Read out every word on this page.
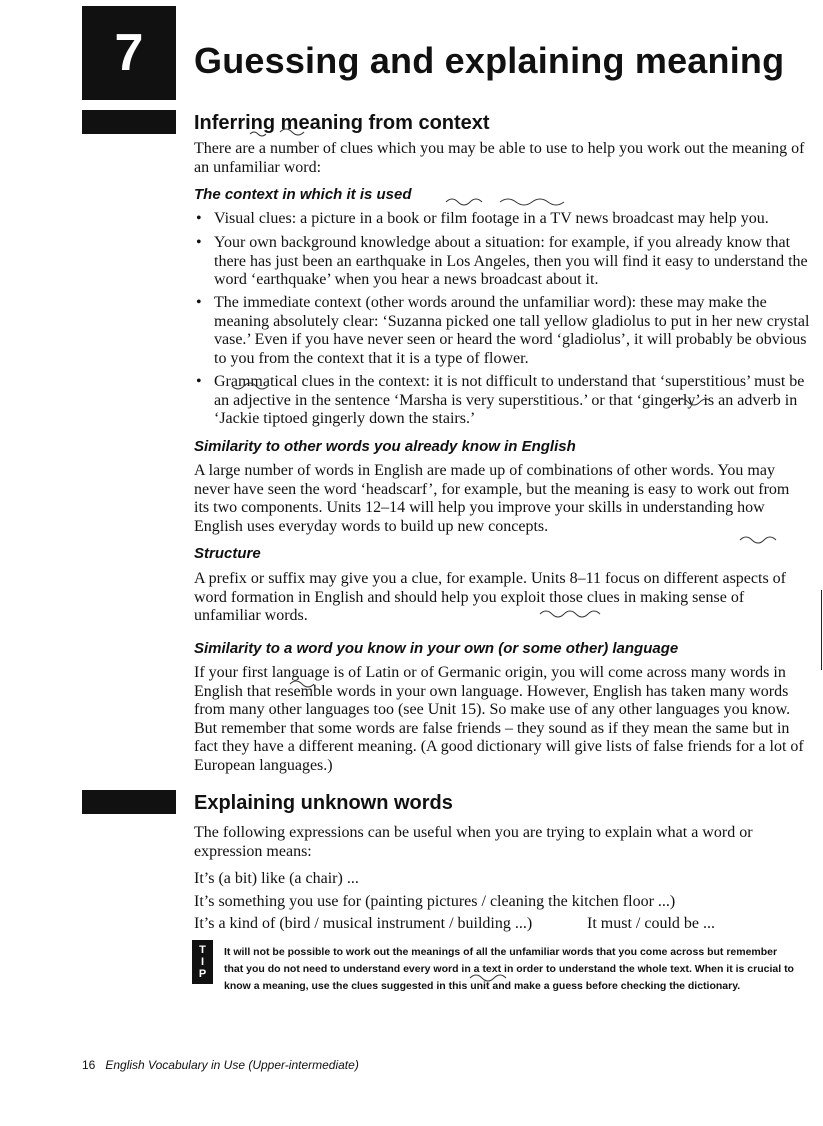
7 Guessing and explaining meaning
Inferring meaning from context
There are a number of clues which you may be able to use to help you work out the meaning of an unfamiliar word:
The context in which it is used
• Visual clues: a picture in a book or film footage in a TV news broadcast may help you.
• Your own background knowledge about a situation: for example, if you already know that there has just been an earthquake in Los Angeles, then you will find it easy to understand the word ‘earthquake’ when you hear a news broadcast about it.
• The immediate context (other words around the unfamiliar word): these may make the meaning absolutely clear: ‘Suzanna picked one tall yellow gladiolus to put in her new crystal vase.’ Even if you have never seen or heard the word ‘gladiolus’, it will probably be obvious to you from the context that it is a type of flower.
• Grammatical clues in the context: it is not difficult to understand that ‘superstitious’ must be an adjective in the sentence ‘Marsha is very superstitious.’ or that ‘gingerly’ is an adverb in ‘Jackie tiptoed gingerly down the stairs.’
Similarity to other words you already know in English
A large number of words in English are made up of combinations of other words. You may never have seen the word ‘headscarf’, for example, but the meaning is easy to work out from its two components. Units 12–14 will help you improve your skills in understanding how English uses everyday words to build up new concepts.
Structure
A prefix or suffix may give you a clue, for example. Units 8–11 focus on different aspects of word formation in English and should help you exploit those clues in making sense of unfamiliar words.
Similarity to a word you know in your own (or some other) language
If your first language is of Latin or of Germanic origin, you will come across many words in English that resemble words in your own language. However, English has taken many words from many other languages too (see Unit 15). So make use of any other languages you know. But remember that some words are false friends – they sound as if they mean the same but in fact they have a different meaning. (A good dictionary will give lists of false friends for a lot of European languages.)
Explaining unknown words
The following expressions can be useful when you are trying to explain what a word or expression means:
It’s (a bit) like (a chair) ...
It’s something you use for (painting pictures / cleaning the kitchen floor ...)
It’s a kind of (bird / musical instrument / building ...)	It must / could be ...
T
I
P
It will not be possible to work out the meanings of all the unfamiliar words that you come across but remember that you do not need to understand every word in a text in order to understand the whole text. When it is crucial to know a meaning, use the clues suggested in this unit and make a guess before checking the dictionary.
16 English Vocabulary in Use (Upper-intermediate)
